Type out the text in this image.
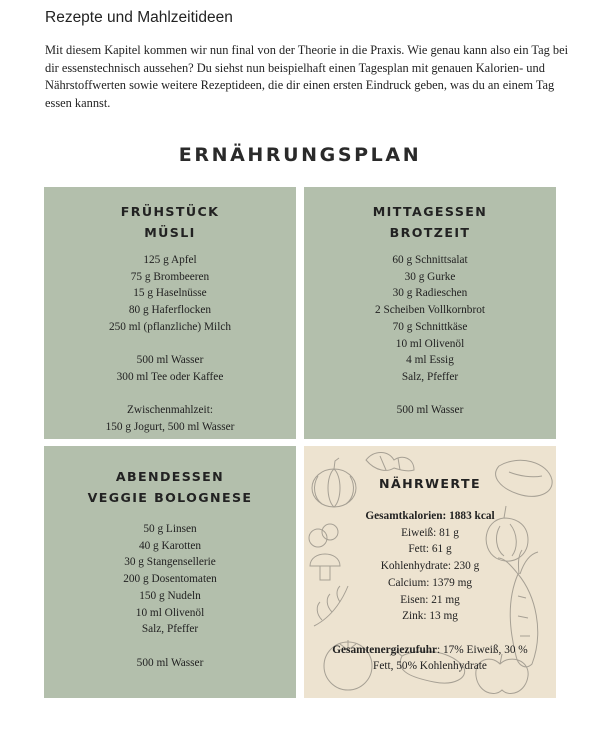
Rezepte und Mahlzeitideen

Mit diesem Kapitel kommen wir nun final von der Theorie in die Praxis. Wie genau kann also ein Tag bei dir essenstechnisch aussehen? Du siehst nun beispielhaft einen Tagesplan mit genauen Kalorien- und Nährstoffwerten sowie weitere Rezeptideen, die dir einen ersten Eindruck geben, was du an einem Tag essen kannst.

ERNÄHRUNGSPLAN
FRÜHSTÜCK
MÜSLI
125 g Apfel
75 g Brombeeren
15 g Haselnüsse
80 g Haferflocken
250 ml (pflanzliche) Milch
500 ml Wasser
300 ml Tee oder Kaffee
Zwischenmahlzeit:
150 g Jogurt, 500 ml Wasser
MITTAGESSEN
BROTZEIT
60 g Schnittsalat
30 g Gurke
30 g Radieschen
2 Scheiben Vollkornbrot
70 g Schnittkäse
10 ml Olivenöl
4 ml Essig
Salz, Pfeffer
500 ml Wasser
ABENDESSEN
VEGGIE BOLOGNESE
50 g Linsen
40 g Karotten
30 g Stangensellerie
200 g Dosentomaten
150 g Nudeln
10 ml Olivenöl
Salz, Pfeffer
500 ml Wasser
NÄHRWERTE
Gesamtkalorien: 1883 kcal
Eiweiß: 81 g
Fett: 61 g
Kohlenhydrate: 230 g
Calcium: 1379 mg
Eisen: 21 mg
Zink: 13 mg
Gesamtenergiezufuhr: 17% Eiweiß, 30 %
Fett, 50% Kohlenhydrate
